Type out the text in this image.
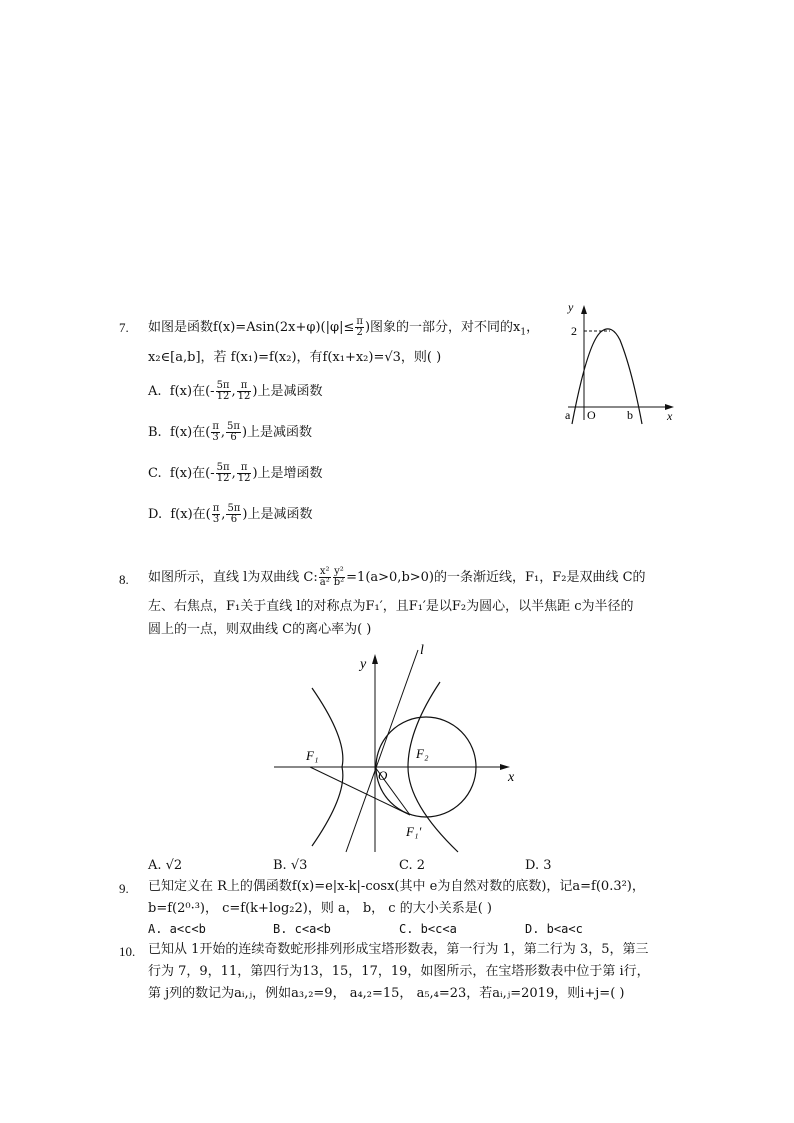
7. 如图是函数$f(x)=Asin(2x+\varphi)(|\varphi|\le \frac{\pi}{2}$ )图象的一部分，对不同的$x_1$，
x₂∈[a,b]，若 f(x₁)=f(x₂)，有f(x₁+x₂)=√3，则( )
A. f(x)在(- $\frac{5\pi}{12}$ , $\frac{\pi}{12}$ )上是减函数
B. f(x)在( $\frac{\pi}{3}$ , $\frac{5\pi}{6}$ )上是减函数
C. f(x)在(- $\frac{5\pi}{12}$ , $\frac{\pi}{12}$ )上是增函数
D. f(x)在( $\frac{\pi}{3}$ , $\frac{5\pi}{6}$ )上是减函数
y
x
2
a O	b
8. 如图所示，直线 l为双曲线 C: $\frac{\text{x²}}{\text{a²}} \frac{\text{y²}}{\text{b²}} =1(a>0,b>0)$的一条渐近线，F₁，F₂是双曲线 C的
左、右焦点，F₁关于直线 l的对称点为F₁′，且F₁′是以F₂为圆心，以半焦距 c为半径的
圆上的一点，则双曲线 C的离心率为( )
y
l
F₁	F₂
O	x
F₁′
A. √2	B. √3	C. 2	D. 3
9. 已知定义在 R上的偶函数f(x)=e|x-k|-cosx(其中 e为自然对数的底数)，记a=f(0.3²)，
b=f(2⁰·³)， c=f(k+log₂2)，则 a， b， c 的大小关系是( )
A. a<c<b	B. c<a<b	C. b<c<a	D. b<a<c
10. 已知从 1开始的连续奇数蛇形排列形成宝塔形数表，第一行为 1，第二行为 3，5，第三
行为 7，9，11，第四行为13，15，17，19，如图所示，在宝塔形数表中位于第 i行，
第 j列的数记为aᵢ,ⱼ，例如a₃,₂=9， a₄,₂=15， a₅,₄=23，若aᵢ,ⱼ=2019，则i+j=( )
